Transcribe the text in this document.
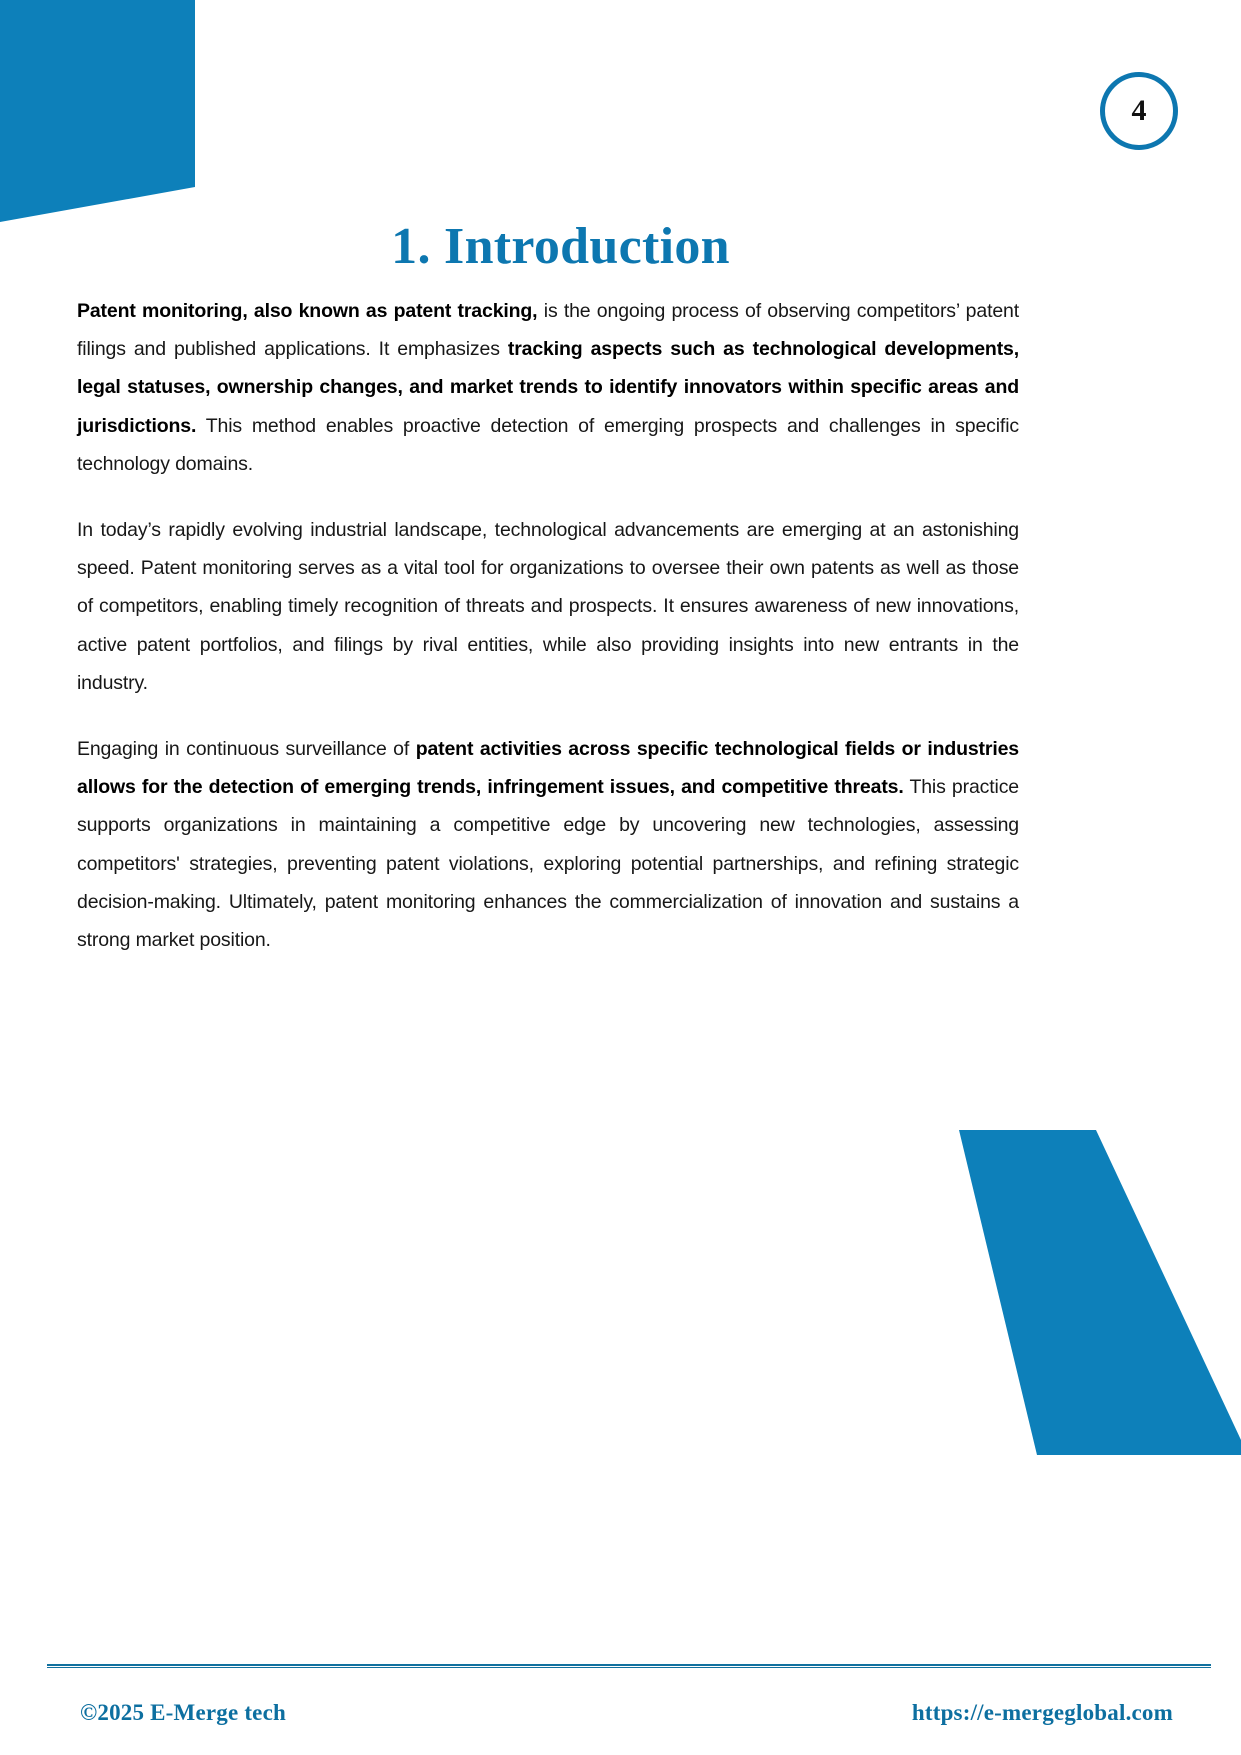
4
1. Introduction

Patent monitoring, also known as patent tracking, is the ongoing process of observing competitors’ patent filings and published applications. It emphasizes tracking aspects such as technological developments, legal statuses, ownership changes, and market trends to identify innovators within specific areas and jurisdictions. This method enables proactive detection of emerging prospects and challenges in specific technology domains.

In today’s rapidly evolving industrial landscape, technological advancements are emerging at an astonishing speed. Patent monitoring serves as a vital tool for organizations to oversee their own patents as well as those of competitors, enabling timely recognition of threats and prospects. It ensures awareness of new innovations, active patent portfolios, and filings by rival entities, while also providing insights into new entrants in the industry.

Engaging in continuous surveillance of patent activities across specific technological fields or industries allows for the detection of emerging trends, infringement issues, and competitive threats. This practice supports organizations in maintaining a competitive edge by uncovering new technologies, assessing competitors' strategies, preventing patent violations, exploring potential partnerships, and refining strategic decision-making. Ultimately, patent monitoring enhances the commercialization of innovation and sustains a strong market position.

©2025 E-Merge tech	https://e-mergeglobal.com
